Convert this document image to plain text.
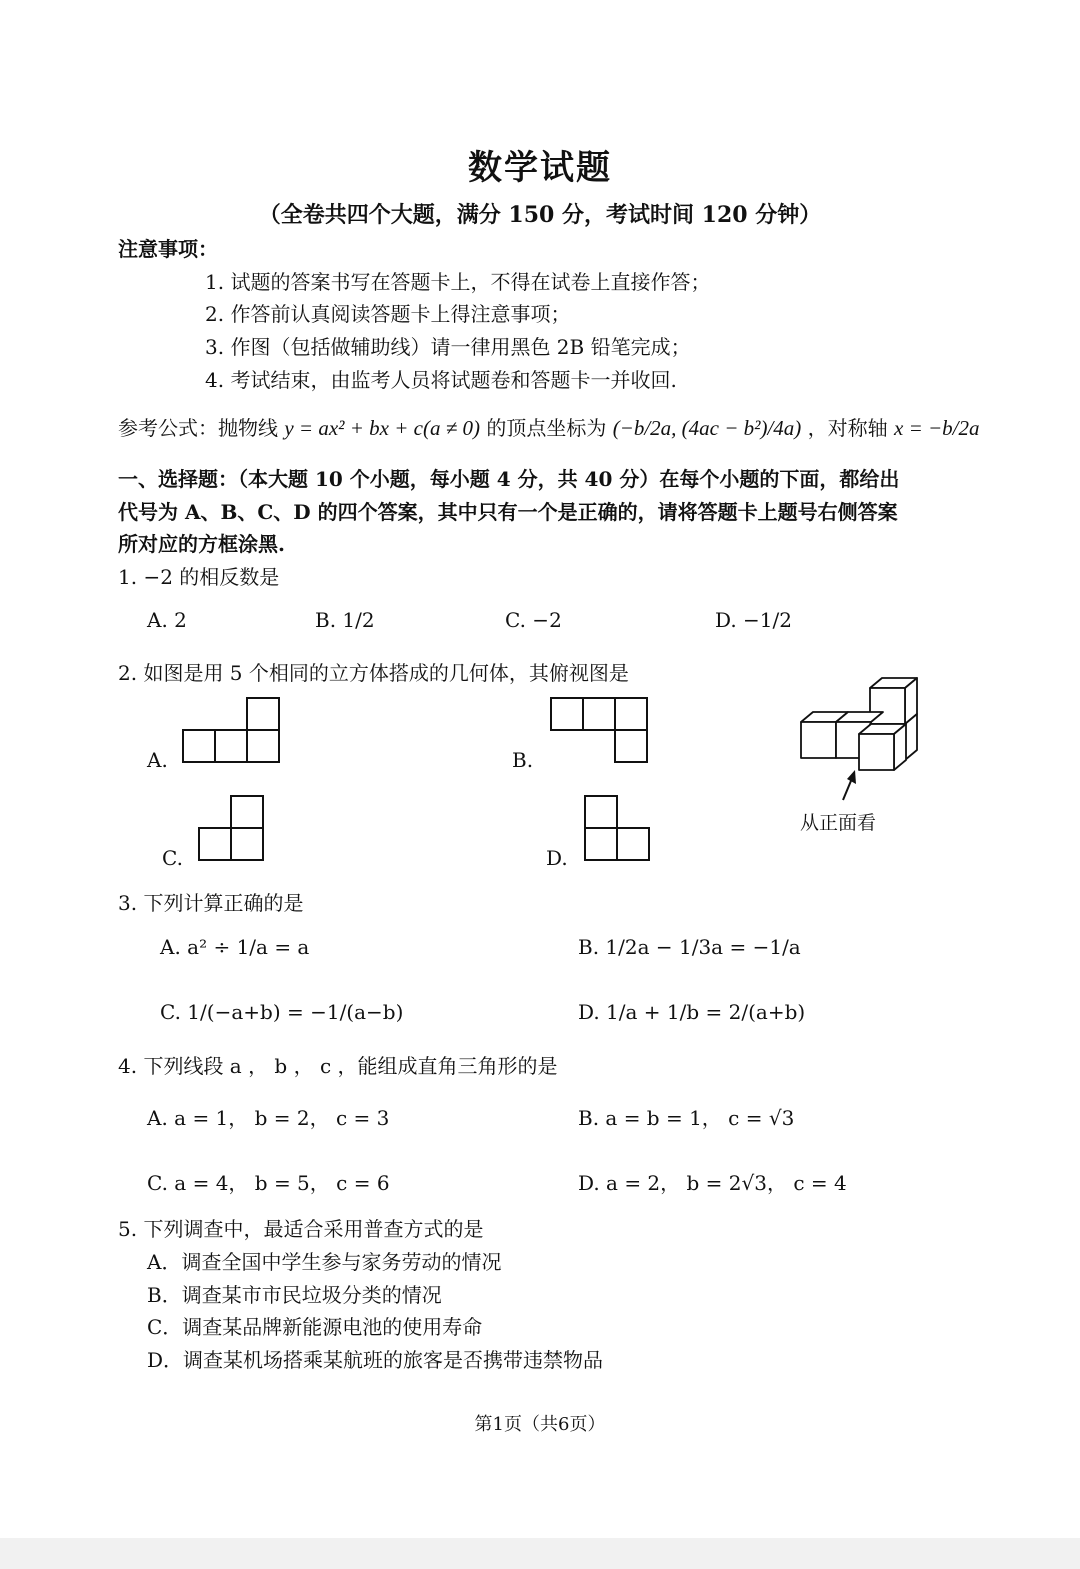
数学试题
（全卷共四个大题，满分 150 分，考试时间 120 分钟）
注意事项：
1. 试题的答案书写在答题卡上，不得在试卷上直接作答；
2. 作答前认真阅读答题卡上得注意事项；
3. 作图（包括做辅助线）请一律用黑色 2B 铅笔完成；
4. 考试结束，由监考人员将试题卷和答题卡一并收回.
参考公式：抛物线 y = ax² + bx + c(a ≠ 0) 的顶点坐标为 (−b/2a, (4ac − b²)/4a) ，对称轴 x = −b/2a
一、选择题：（本大题 10 个小题，每小题 4 分，共 40 分）在每个小题的下面，都给出
代号为 A、B、C、D 的四个答案，其中只有一个是正确的，请将答题卡上题号右侧答案
所对应的方框涂黑.
1. −2 的相反数是
A. 2	B. 1/2	C. −2	D. −1/2
2. 如图是用 5 个相同的立方体搭成的几何体，其俯视图是
A.	B.
C.	D.
从正面看
3. 下列计算正确的是
A. a² ÷ 1/a = a	B. 1/2a − 1/3a = −1/a
C. 1/(−a+b) = −1/(a−b)	D. 1/a + 1/b = 2/(a+b)
4. 下列线段 a ， b ， c ，能组成直角三角形的是
A. a = 1， b = 2， c = 3	B. a = b = 1， c = √3
C. a = 4， b = 5， c = 6	D. a = 2， b = 2√3， c = 4
5. 下列调查中，最适合采用普查方式的是
A．调查全国中学生参与家务劳动的情况
B．调查某市市民垃圾分类的情况
C．调查某品牌新能源电池的使用寿命
D．调查某机场搭乘某航班的旅客是否携带违禁物品
第1页（共6页）
